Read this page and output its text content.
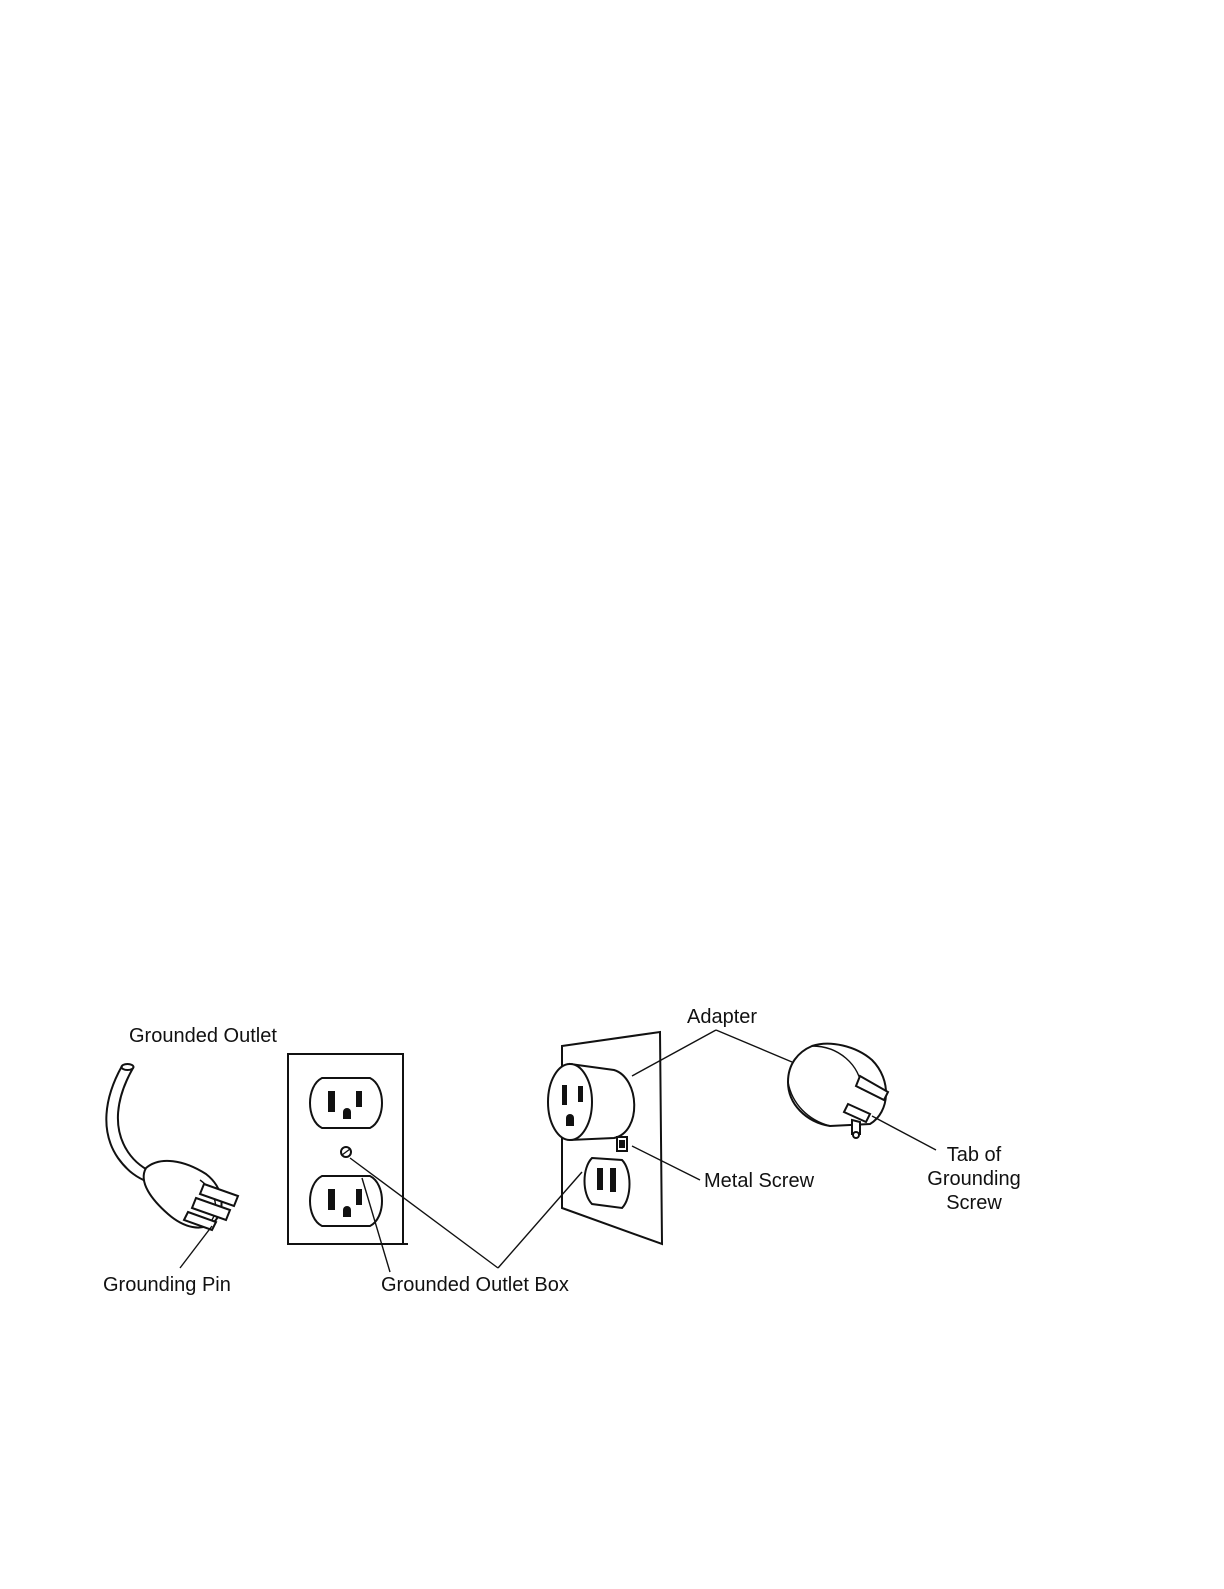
Grounded Outlet
Grounding Pin	Grounded Outlet Box
Adapter
Metal Screw
Tab of
Grounding
Screw
